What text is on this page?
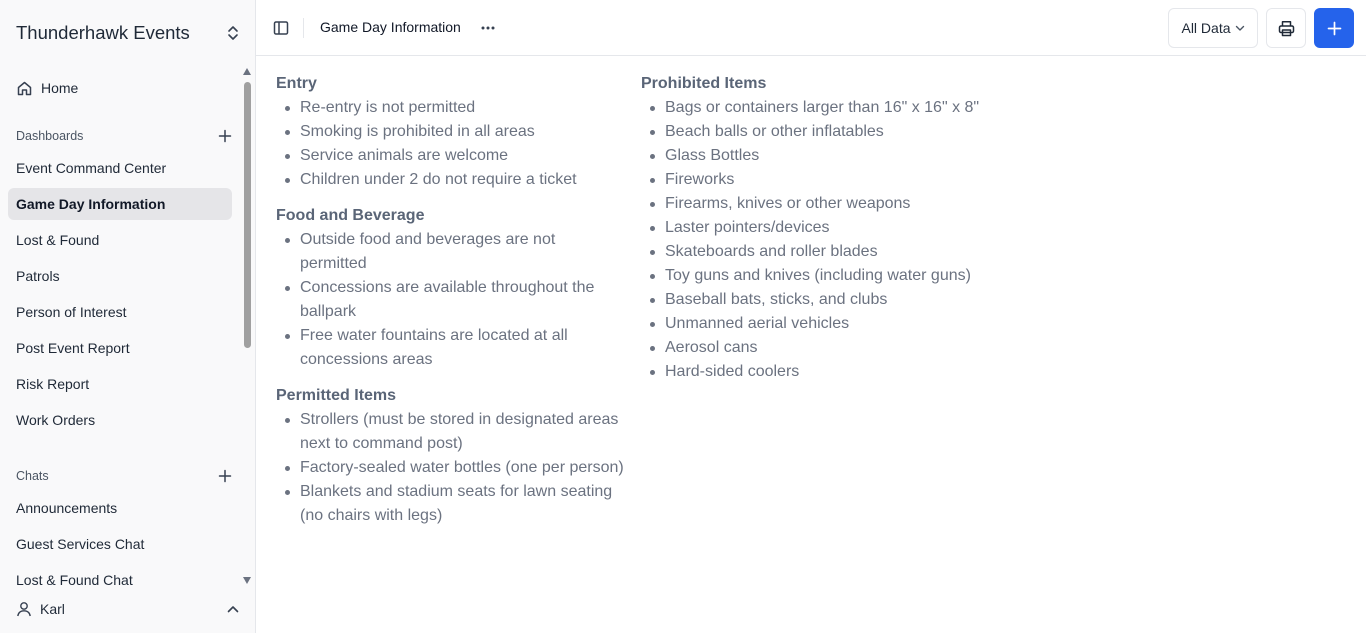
Thunderhawk Events
Home
Dashboards
Event Command Center
Game Day Information
Lost & Found
Patrols
Person of Interest
Post Event Report
Risk Report
Work Orders
Chats
Announcements
Guest Services Chat
Lost & Found Chat
Karl
Game Day Information	All Data
Entry
Re-entry is not permitted
Smoking is prohibited in all areas
Service animals are welcome
Children under 2 do not require a ticket
Food and Beverage
Outside food and beverages are not permitted
Concessions are available throughout the ballpark
Free water fountains are located at all concessions areas
Permitted Items
Strollers (must be stored in designated areas next to command post)
Factory-sealed water bottles (one per person)
Blankets and stadium seats for lawn seating (no chairs with legs)
Prohibited Items
Bags or containers larger than 16" x 16" x 8"
Beach balls or other inflatables
Glass Bottles
Fireworks
Firearms, knives or other weapons
Laster pointers/devices
Skateboards and roller blades
Toy guns and knives (including water guns)
Baseball bats, sticks, and clubs
Unmanned aerial vehicles
Aerosol cans
Hard-sided coolers
